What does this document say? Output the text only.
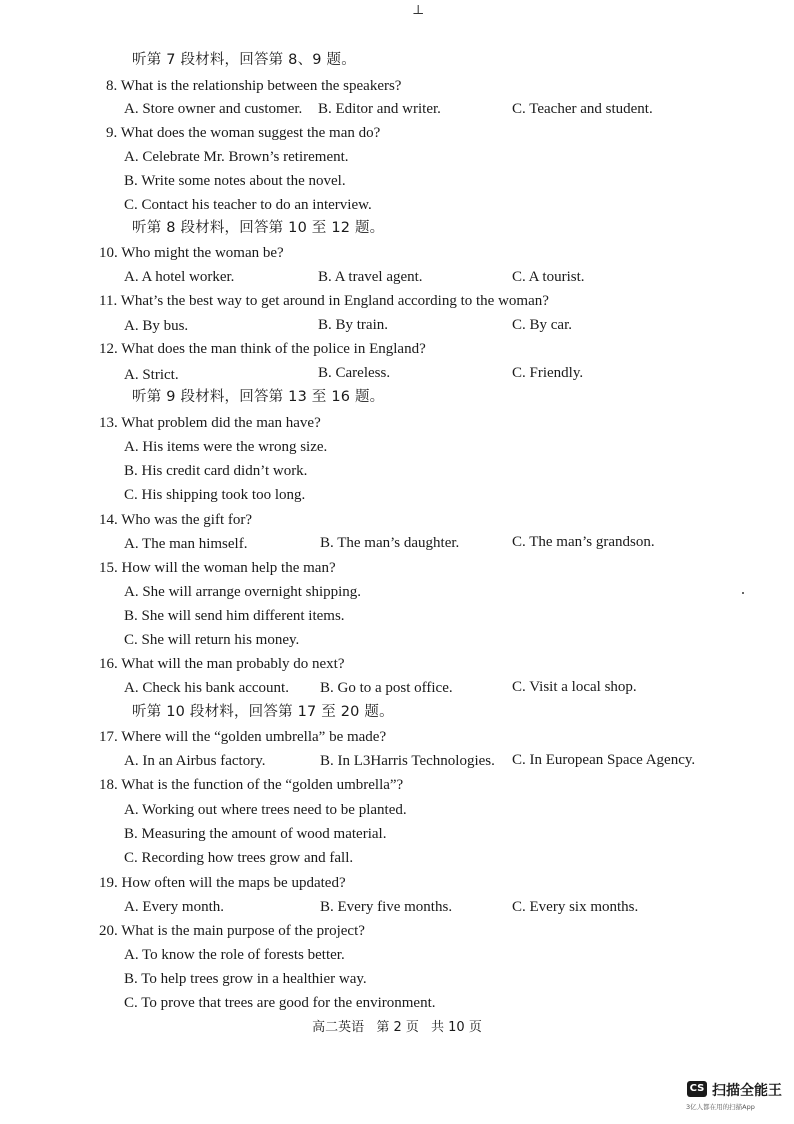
⊥
听第 7 段材料，回答第 8、9 题。
8. What is the relationship between the speakers?
A. Store owner and customer. B. Editor and writer.	C. Teacher and student.
9. What does the woman suggest the man do?
A. Celebrate Mr. Brown’s retirement.
B. Write some notes about the novel.
C. Contact his teacher to do an interview.
听第 8 段材料，回答第 10 至 12 题。
10. Who might the woman be?
A. A hotel worker.	B. A travel agent.	C. A tourist.
11. What’s the best way to get around in England according to the woman?
A. By bus.	B. By train.	C. By car.
12. What does the man think of the police in England?
A. Strict.	B. Careless.	C. Friendly.
听第 9 段材料，回答第 13 至 16 题。
13. What problem did the man have?
A. His items were the wrong size.
B. His credit card didn’t work.
C. His shipping took too long.
14. Who was the gift for?
A. The man himself.	B. The man’s daughter.	C. The man’s grandson.
15. How will the woman help the man?
A. She will arrange overnight shipping.
B. She will send him different items.
C. She will return his money.
16. What will the man probably do next?
A. Check his bank account. B. Go to a post office.	C. Visit a local shop.
听第 10 段材料，回答第 17 至 20 题。
17. Where will the “golden umbrella” be made?
A. In an Airbus factory.	B. In L3Harris Technologies. C. In European Space Agency.
18. What is the function of the “golden umbrella”?
A. Working out where trees need to be planted.
B. Measuring the amount of wood material.
C. Recording how trees grow and fall.
19. How often will the maps be updated?
A. Every month.	B. Every five months.	C. Every six months.
20. What is the main purpose of the project?
A. To know the role of forests better.
B. To help trees grow in a healthier way.
C. To prove that trees are good for the environment.
高二英语 第 2 页 共 10 页
CS 扫描全能王
3亿人都在用的扫描App
